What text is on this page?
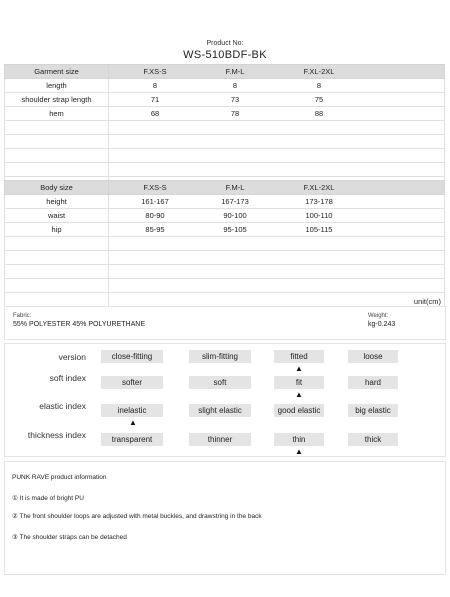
Product No:
WS-510BDF-BK
Garment size	F.XS-S F.M-L F.XL-2XL

length	8 8 8

shoulder strap length	71 73 75

hem	68 78 88

Body size	F.XS-S F.M-L F.XL-2XL

height	161-167 167-173 173-178

waist	80-90 90-100 100-110

hip	85-95 95-105 105-115

	unit(cm)
Fabric:
55% POLYESTER 45% POLYURETHANE
Weight:
kg-0.243
version	close-fitting	slim-fitting	fitted	loose
▲
soft index	softer	soft	fit	hard
▲
elastic index	inelastic	slight elastic	good elastic	big elastic
▲
thickness index	transparent	thinner	thin	thick
▲
PUNK RAVE product information
① It is made of bright PU
② The front shoulder loops are adjusted with metal buckles, and drawstring in the back
③ The shoulder straps can be detached
